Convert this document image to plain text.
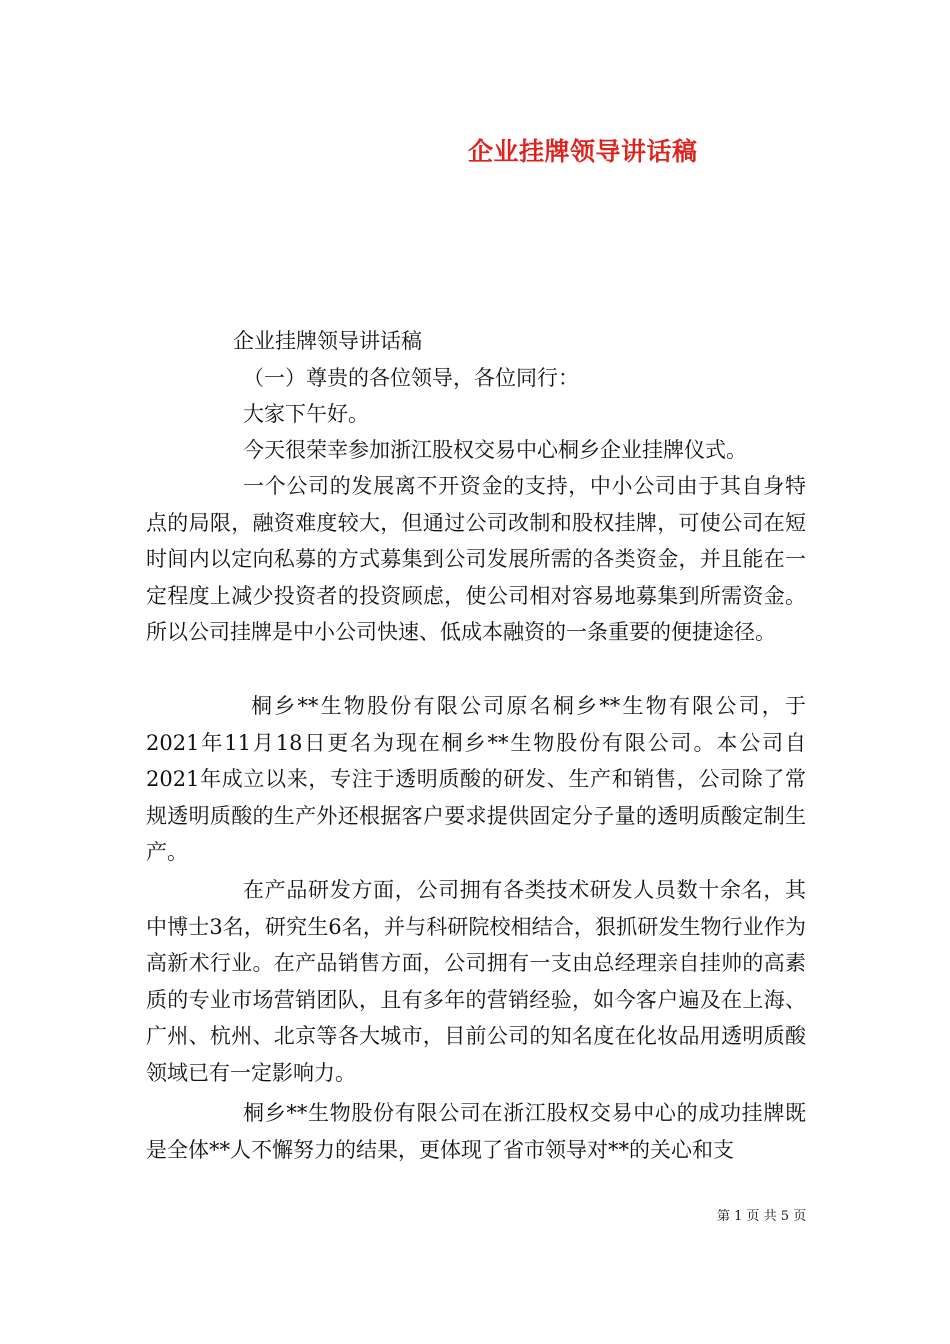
企业挂牌领导讲话稿
企业挂牌领导讲话稿
（一）尊贵的各位领导，各位同行：
大家下午好。
今天很荣幸参加浙江股权交易中心桐乡企业挂牌仪式。

一个公司的发展离不开资金的支持，中小公司由于其自身特点的局限，融资难度较大，但通过公司改制和股权挂牌，可使公司在短时间内以定向私募的方式募集到公司发展所需的各类资金，并且能在一定程度上减少投资者的投资顾虑，使公司相对容易地募集到所需资金。所以公司挂牌是中小公司快速、低成本融资的一条重要的便捷途径。

桐乡**生物股份有限公司原名桐乡**生物有限公司，于2021年11月18日更名为现在桐乡**生物股份有限公司。本公司自2021年成立以来，专注于透明质酸的研发、生产和销售，公司除了常规透明质酸的生产外还根据客户要求提供固定分子量的透明质酸定制生产。

在产品研发方面，公司拥有各类技术研发人员数十余名，其中博士3名，研究生6名，并与科研院校相结合，狠抓研发生物行业作为高新术行业。在产品销售方面，公司拥有一支由总经理亲自挂帅的高素质的专业市场营销团队，且有多年的营销经验，如今客户遍及在上海、广州、杭州、北京等各大城市，目前公司的知名度在化妆品用透明质酸领域已有一定影响力。

桐乡**生物股份有限公司在浙江股权交易中心的成功挂牌既是全体**人不懈努力的结果，更体现了省市领导对**的关心和支

第 1 页 共 5 页
